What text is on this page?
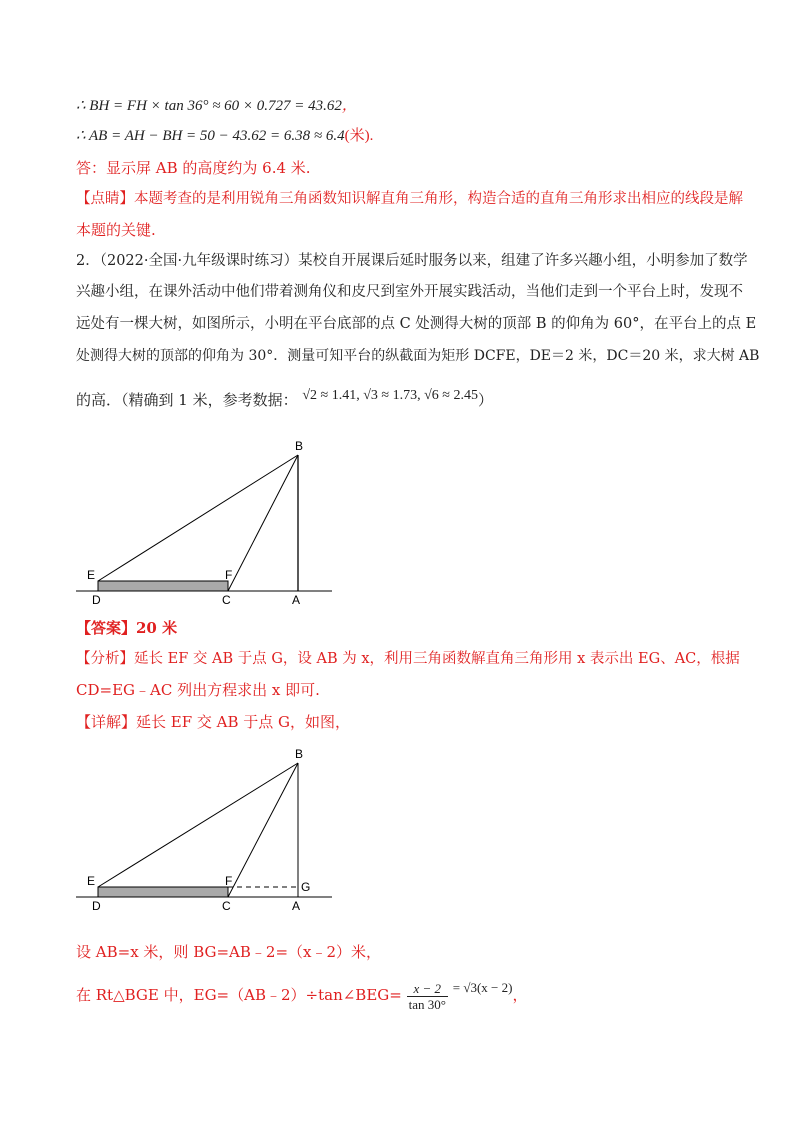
∴ BH = FH × tan 36° ≈ 60 × 0.727 = 43.62，
∴ AB = AH − BH = 50 − 43.62 = 6.38 ≈ 6.4(米).
答：显示屏 AB 的高度约为 6.4 米.
【点睛】本题考查的是利用锐角三角函数知识解直角三角形，构造合适的直角三角形求出相应的线段是解
本题的关键.
2．（2022·全国·九年级课时练习）某校自开展课后延时服务以来，组建了许多兴趣小组，小明参加了数学
兴趣小组，在课外活动中他们带着测角仪和皮尺到室外开展实践活动，当他们走到一个平台上时，发现不
远处有一棵大树，如图所示，小明在平台底部的点 C 处测得大树的顶部 B 的仰角为 60°，在平台上的点 E
处测得大树的顶部的仰角为 30°．测量可知平台的纵截面为矩形 DCFE，DE＝2 米，DC＝20 米，求大树 AB
的高．（精确到 1 米，参考数据： √2 ≈ 1.41, √3 ≈ 1.73, √6 ≈ 2.45）
B
E	F
D	C	A
【答案】20 米
【分析】延长 EF 交 AB 于点 G，设 AB 为 x，利用三角函数解直角三角形用 x 表示出 EG、AC，根据
CD=EG﹣AC 列出方程求出 x 即可.
【详解】延长 EF 交 AB 于点 G，如图，
B
E	F	G
D	C	A
设 AB=x 米，则 BG=AB﹣2=（x﹣2）米，
在 Rt△BGE 中，EG=（AB﹣2）÷tan∠BEG= $\frac{x - 2}{\tan 30^\circ} = √3(x - 2)$，
